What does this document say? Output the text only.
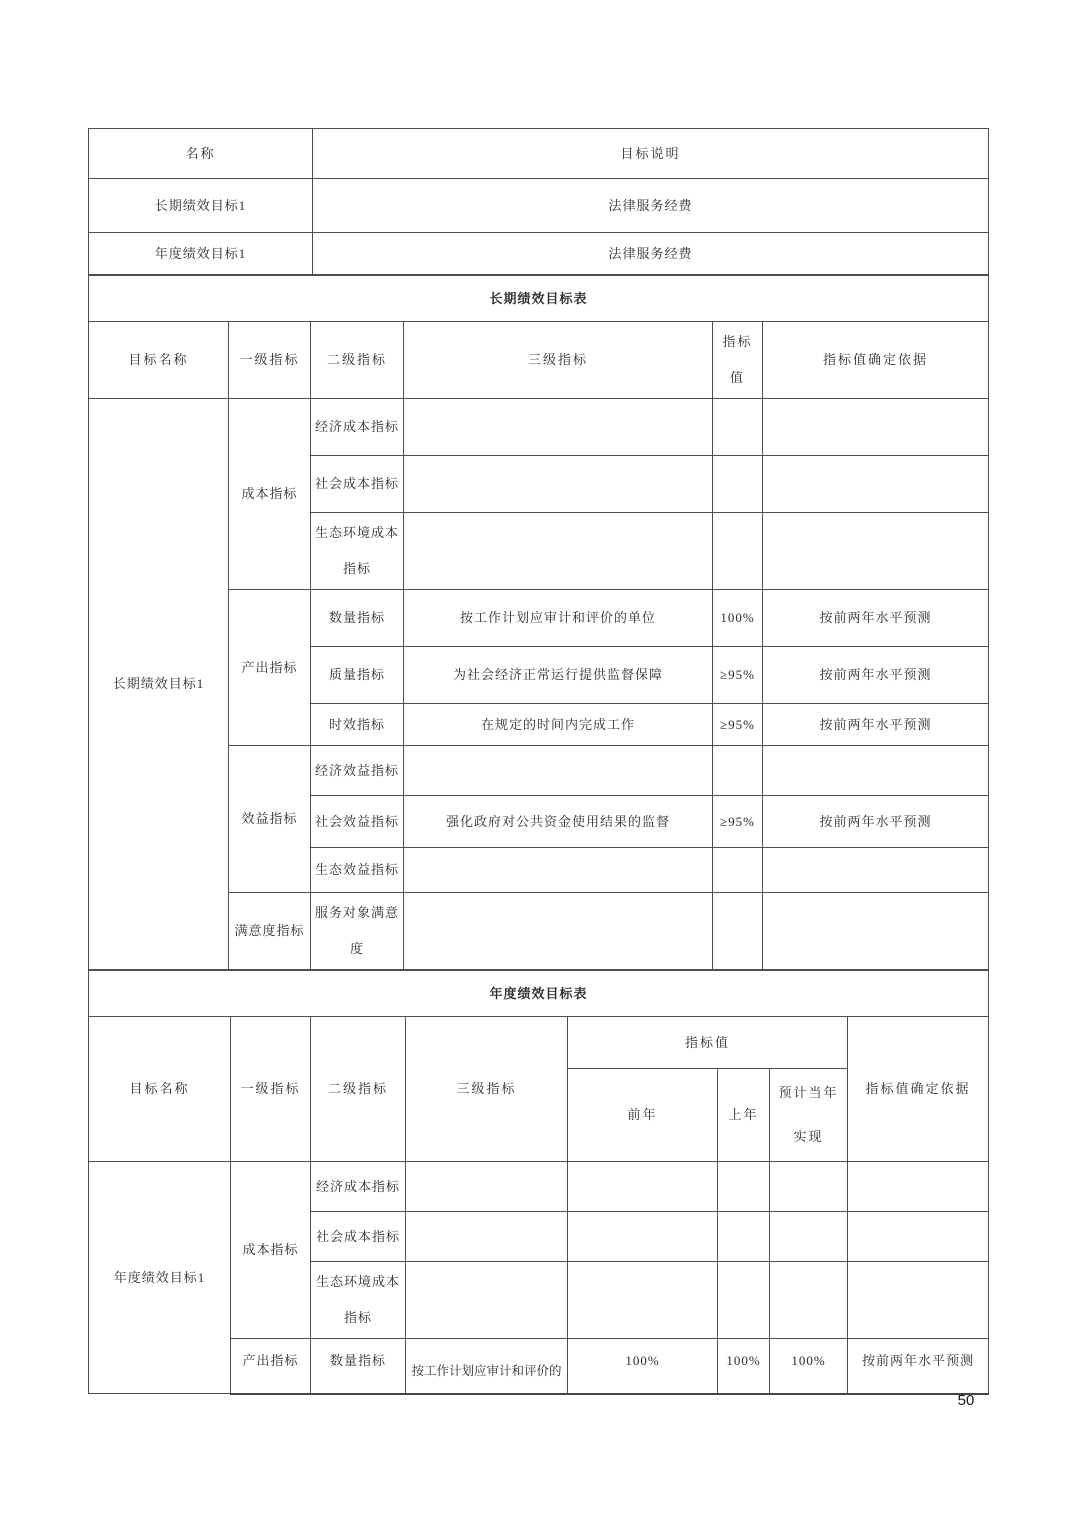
名称	目标说明
长期绩效目标1	法律服务经费
年度绩效目标1	法律服务经费
长期绩效目标表					
目标名称	一级指标	二级指标	三级指标	指标值	指标值确定依据
长期绩效目标1	成本指标	经济成本指标			
		社会成本指标			
		生态环境成本指标			
	产出指标	数量指标	按工作计划应审计和评价的单位	100%	按前两年水平预测
		质量指标	为社会经济正常运行提供监督保障	≥95%	按前两年水平预测
		时效指标	在规定的时间内完成工作	≥95%	按前两年水平预测
	效益指标	经济效益指标			
		社会效益指标	强化政府对公共资金使用结果的监督	≥95%	按前两年水平预测
		生态效益指标			
	满意度指标	服务对象满意度			
年度绩效目标表							
目标名称	一级指标	二级指标	三级指标	指标值			指标值确定依据
				前年	上年	预计当年实现	
年度绩效目标1	成本指标	经济成本指标					
		社会成本指标					
		生态环境成本指标					
	产出指标	数量指标	按工作计划应审计和评价的	100%	100%	100%	按前两年水平预测
50
